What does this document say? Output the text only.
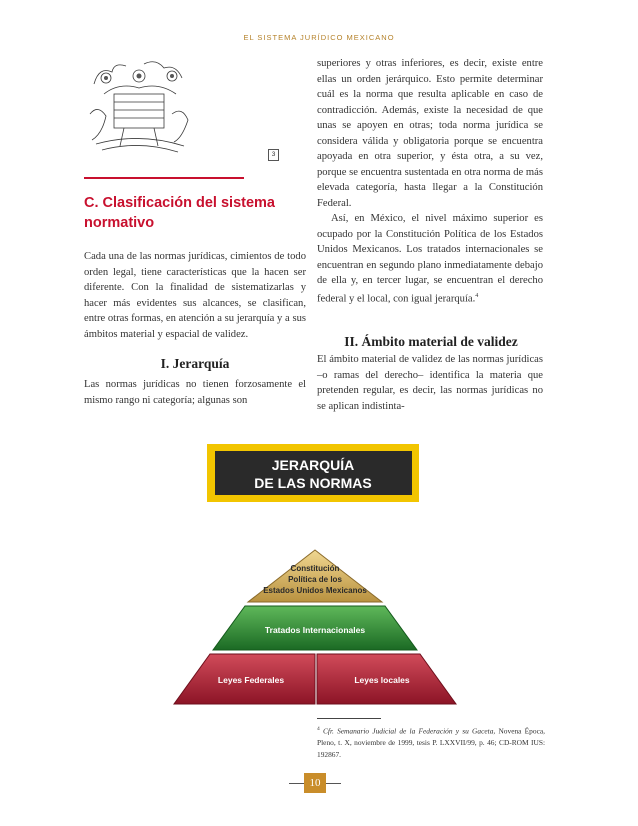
EL SISTEMA JURÍDICO MEXICANO
3
C. Clasificación del sistema
normativo

Cada una de las normas jurídicas, cimientos de todo orden legal, tiene características que la hacen ser diferente. Con la finalidad de sistematizarlas y hacer más evidentes sus alcances, se clasifican, entre otras formas, en atención a su jerarquía y a sus ámbitos material y espacial de validez.

I. Jerarquía

Las normas jurídicas no tienen forzosamente el mismo rango ni categoría; algunas son

superiores y otras inferiores, es decir, existe entre ellas un orden jerárquico. Esto permite determinar cuál es la norma que resulta aplicable en caso de contradicción. Además, existe la necesidad de que unas se apoyen en otras; toda norma jurídica se considera válida y obligatoria porque se encuentra apoyada en otra superior, y ésta otra, a su vez, porque se encuentra sustentada en otra norma de más elevada categoría, hasta llegar a la Constitución Federal.

Así, en México, el nivel máximo superior es ocupado por la Constitución Política de los Estados Unidos Mexicanos. Los tratados internacionales se encuentran en segundo plano inmediatamente debajo de ella y, en tercer lugar, se encuentran el derecho federal y el local, con igual jerarquía.$^4$

II. Ámbito material de validez

El ámbito material de validez de las normas jurídicas –o ramas del derecho– identifica la materia que pretenden regular, es decir, las normas jurídicas no se aplican indistinta-

JERARQUÍA
DE LAS NORMAS
Constitución
Política de los
Estados Unidos Mexicanos
Tratados Internacionales
Leyes Federales	Leyes locales
$^4$ Cfr. Semanario Judicial de la Federación y su Gaceta, Novena Época, Pleno, t. X, noviembre de 1999, tesis P. LXXVII/99, p. 46; CD-ROM IUS: 192867.
10
